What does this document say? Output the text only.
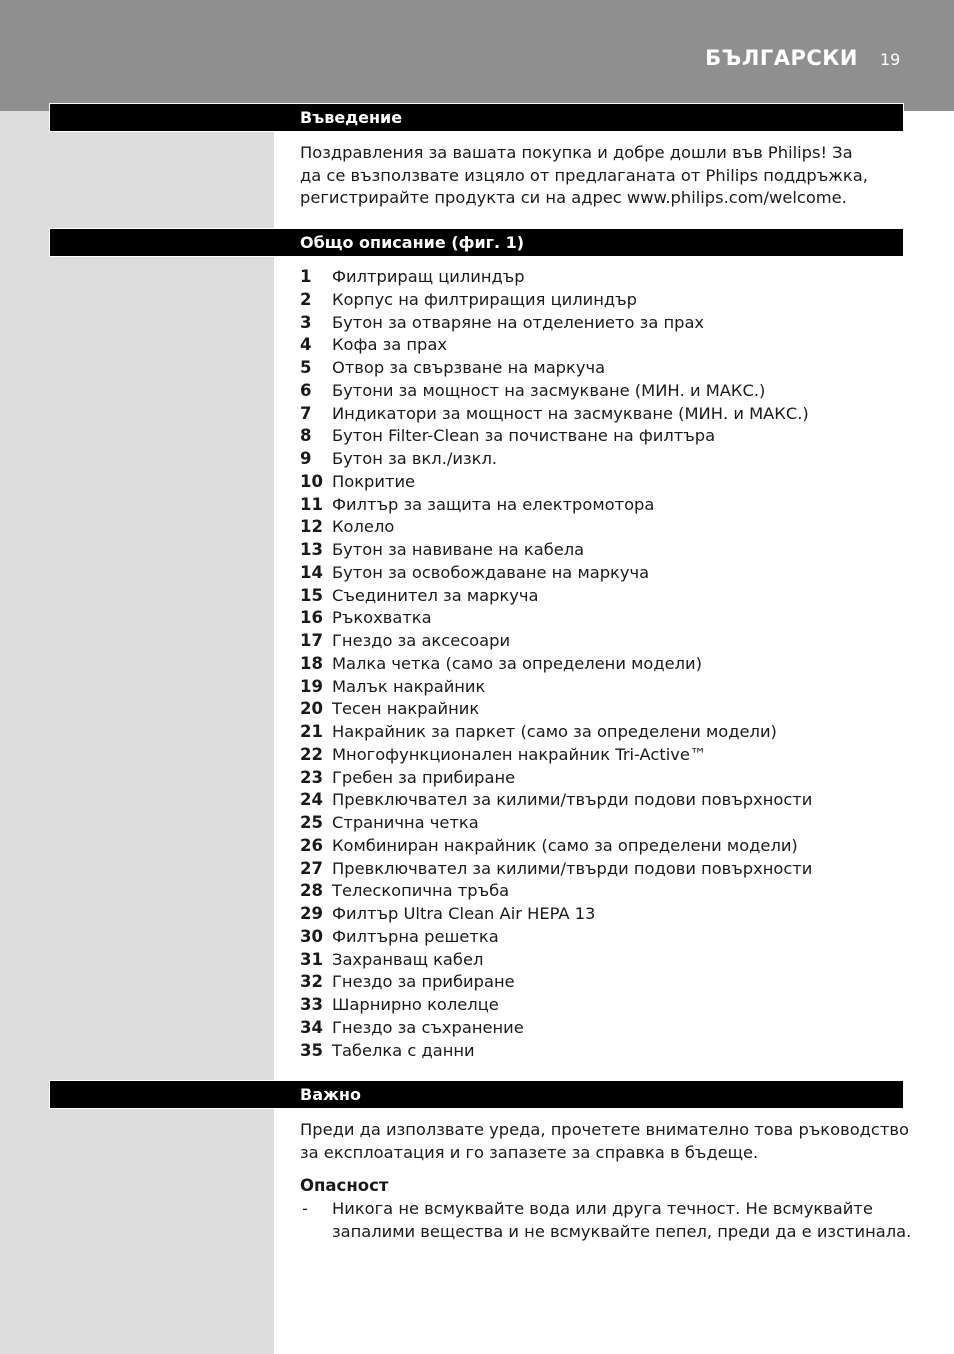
БЪЛГАРСКИ 19
Въведение
Поздравления за вашата покупка и добре дошли във Philips! За
да се възползвате изцяло от предлаганата от Philips поддръжка,
регистрирайте продукта си на адрес www.philips.com/welcome.
Общо описание (фиг. 1)
1	Филтриращ цилиндър
2	Корпус на филтриращия цилиндър
3	Бутон за отваряне на отделението за прах
4	Кофа за прах
5	Отвор за свързване на маркуча
6	Бутони за мощност на засмукване (МИН. и МАКС.)
7	Индикатори за мощност на засмукване (МИН. и МАКС.)
8	Бутон Filter-Clean за почистване на филтъра
9	Бутон за вкл./изкл.
10 Покритие
11 Филтър за защита на електромотора
12 Колело
13 Бутон за навиване на кабела
14 Бутон за освобождаване на маркуча
15 Съединител за маркуча
16 Ръкохватка
17 Гнездо за аксесоари
18 Малка четка (само за определени модели)
19 Малък накрайник
20 Тесен накрайник
21 Накрайник за паркет (само за определени модели)
22 Многофункционален накрайник Tri-Active™
23 Гребен за прибиране
24 Превключвател за килими/твърди подови повърхности
25 Странична четка
26 Комбиниран накрайник (само за определени модели)
27 Превключвател за килими/твърди подови повърхности
28 Телескопична тръба
29 Филтър Ultra Clean Air HEPA 13
30 Филтърна решетка
31 Захранващ кабел
32 Гнездо за прибиране
33 Шарнирно колелце
34 Гнездо за съхранение
35 Табелка с данни
Важно
Преди да използвате уреда, прочетете внимателно това ръководство
за експлоатация и го запазете за справка в бъдеще.
Опасност
- Никога не всмуквайте вода или друга течност. Не всмуквайте
запалими вещества и не всмуквайте пепел, преди да е изстинала.
